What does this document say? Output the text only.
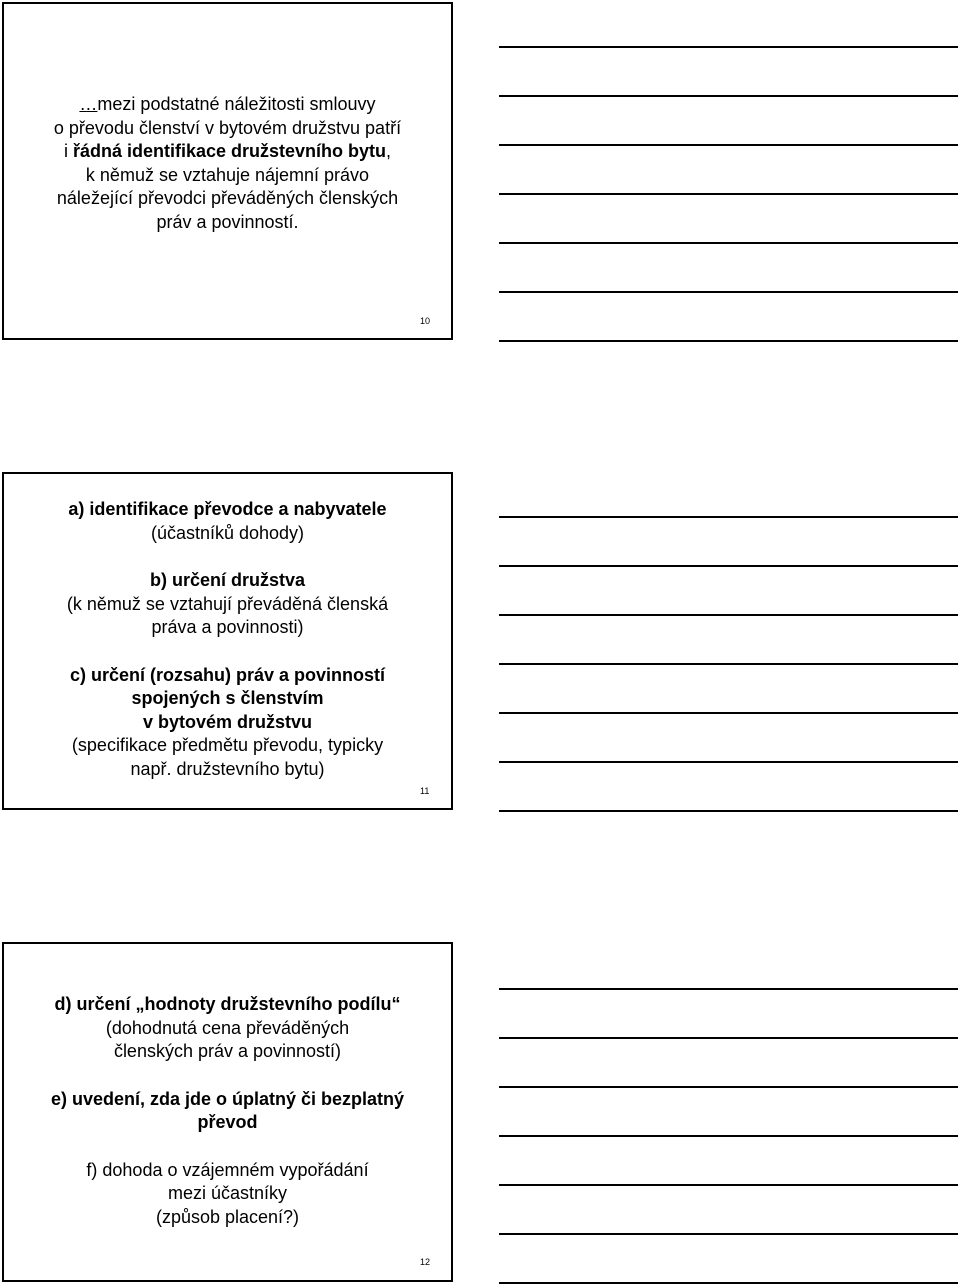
…mezi podstatné náležitosti smlouvy
o převodu členství v bytovém družstvu patří
i řádná identifikace družstevního bytu,
k němuž se vztahuje nájemní právo
náležející převodci převáděných členských
práv a povinností.
10
a) identifikace převodce a nabyvatele
(účastníků dohody)
b) určení družstva
(k němuž se vztahují převáděná členská
práva a povinnosti)
c) určení (rozsahu) práv a povinností
spojených s členstvím
v bytovém družstvu
(specifikace předmětu převodu, typicky
např. družstevního bytu)
11
d) určení „hodnoty družstevního podílu“
(dohodnutá cena převáděných
členských práv a povinností)
e) uvedení, zda jde o úplatný či bezplatný
převod
f) dohoda o vzájemném vypořádání
mezi účastníky
(způsob placení?)
12
